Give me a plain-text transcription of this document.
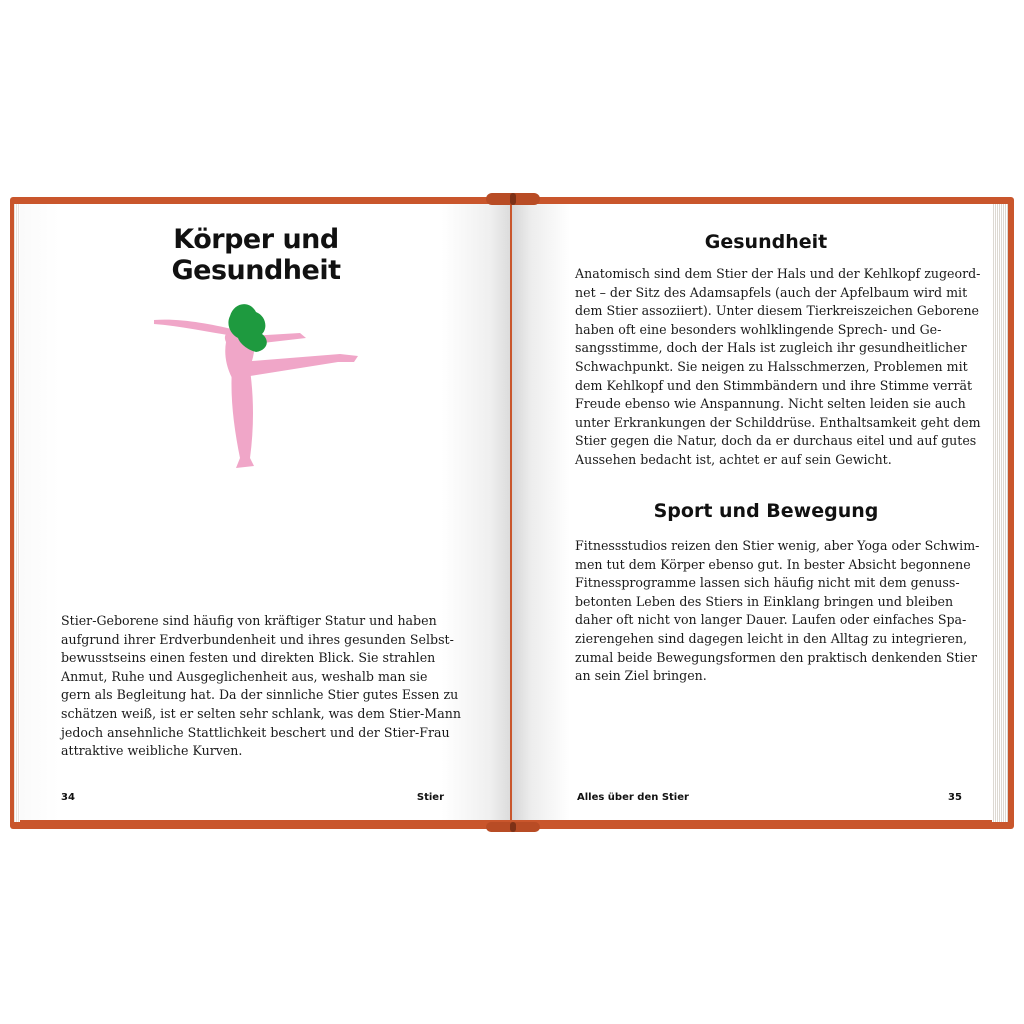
Körper und
Gesundheit

Stier-Geborene sind häufig von kräftiger Statur und haben
aufgrund ihrer Erdverbundenheit und ihres gesunden Selbst-
bewusstseins einen festen und direkten Blick. Sie strahlen
Anmut, Ruhe und Ausgeglichenheit aus, weshalb man sie
gern als Begleitung hat. Da der sinnliche Stier gutes Essen zu
schätzen weiß, ist er selten sehr schlank, was dem Stier-Mann
jedoch ansehnliche Stattlichkeit beschert und der Stier-Frau
attraktive weibliche Kurven.

34	Stier

Gesundheit

Anatomisch sind dem Stier der Hals und der Kehlkopf zugeord-
net – der Sitz des Adamsapfels (auch der Apfelbaum wird mit
dem Stier assoziiert). Unter diesem Tierkreiszeichen Geborene
haben oft eine besonders wohlklingende Sprech- und Ge-
sangsstimme, doch der Hals ist zugleich ihr gesundheitlicher
Schwachpunkt. Sie neigen zu Halsschmerzen, Problemen mit
dem Kehlkopf und den Stimmbändern und ihre Stimme verrät
Freude ebenso wie Anspannung. Nicht selten leiden sie auch
unter Erkrankungen der Schilddrüse. Enthaltsamkeit geht dem
Stier gegen die Natur, doch da er durchaus eitel und auf gutes
Aussehen bedacht ist, achtet er auf sein Gewicht.

Sport und Bewegung

Fitnessstudios reizen den Stier wenig, aber Yoga oder Schwim-
men tut dem Körper ebenso gut. In bester Absicht begonnene
Fitnessprogramme lassen sich häufig nicht mit dem genuss-
betonten Leben des Stiers in Einklang bringen und bleiben
daher oft nicht von langer Dauer. Laufen oder einfaches Spa-
zierengehen sind dagegen leicht in den Alltag zu integrieren,
zumal beide Bewegungsformen den praktisch denkenden Stier
an sein Ziel bringen.

Alles über den Stier	35
